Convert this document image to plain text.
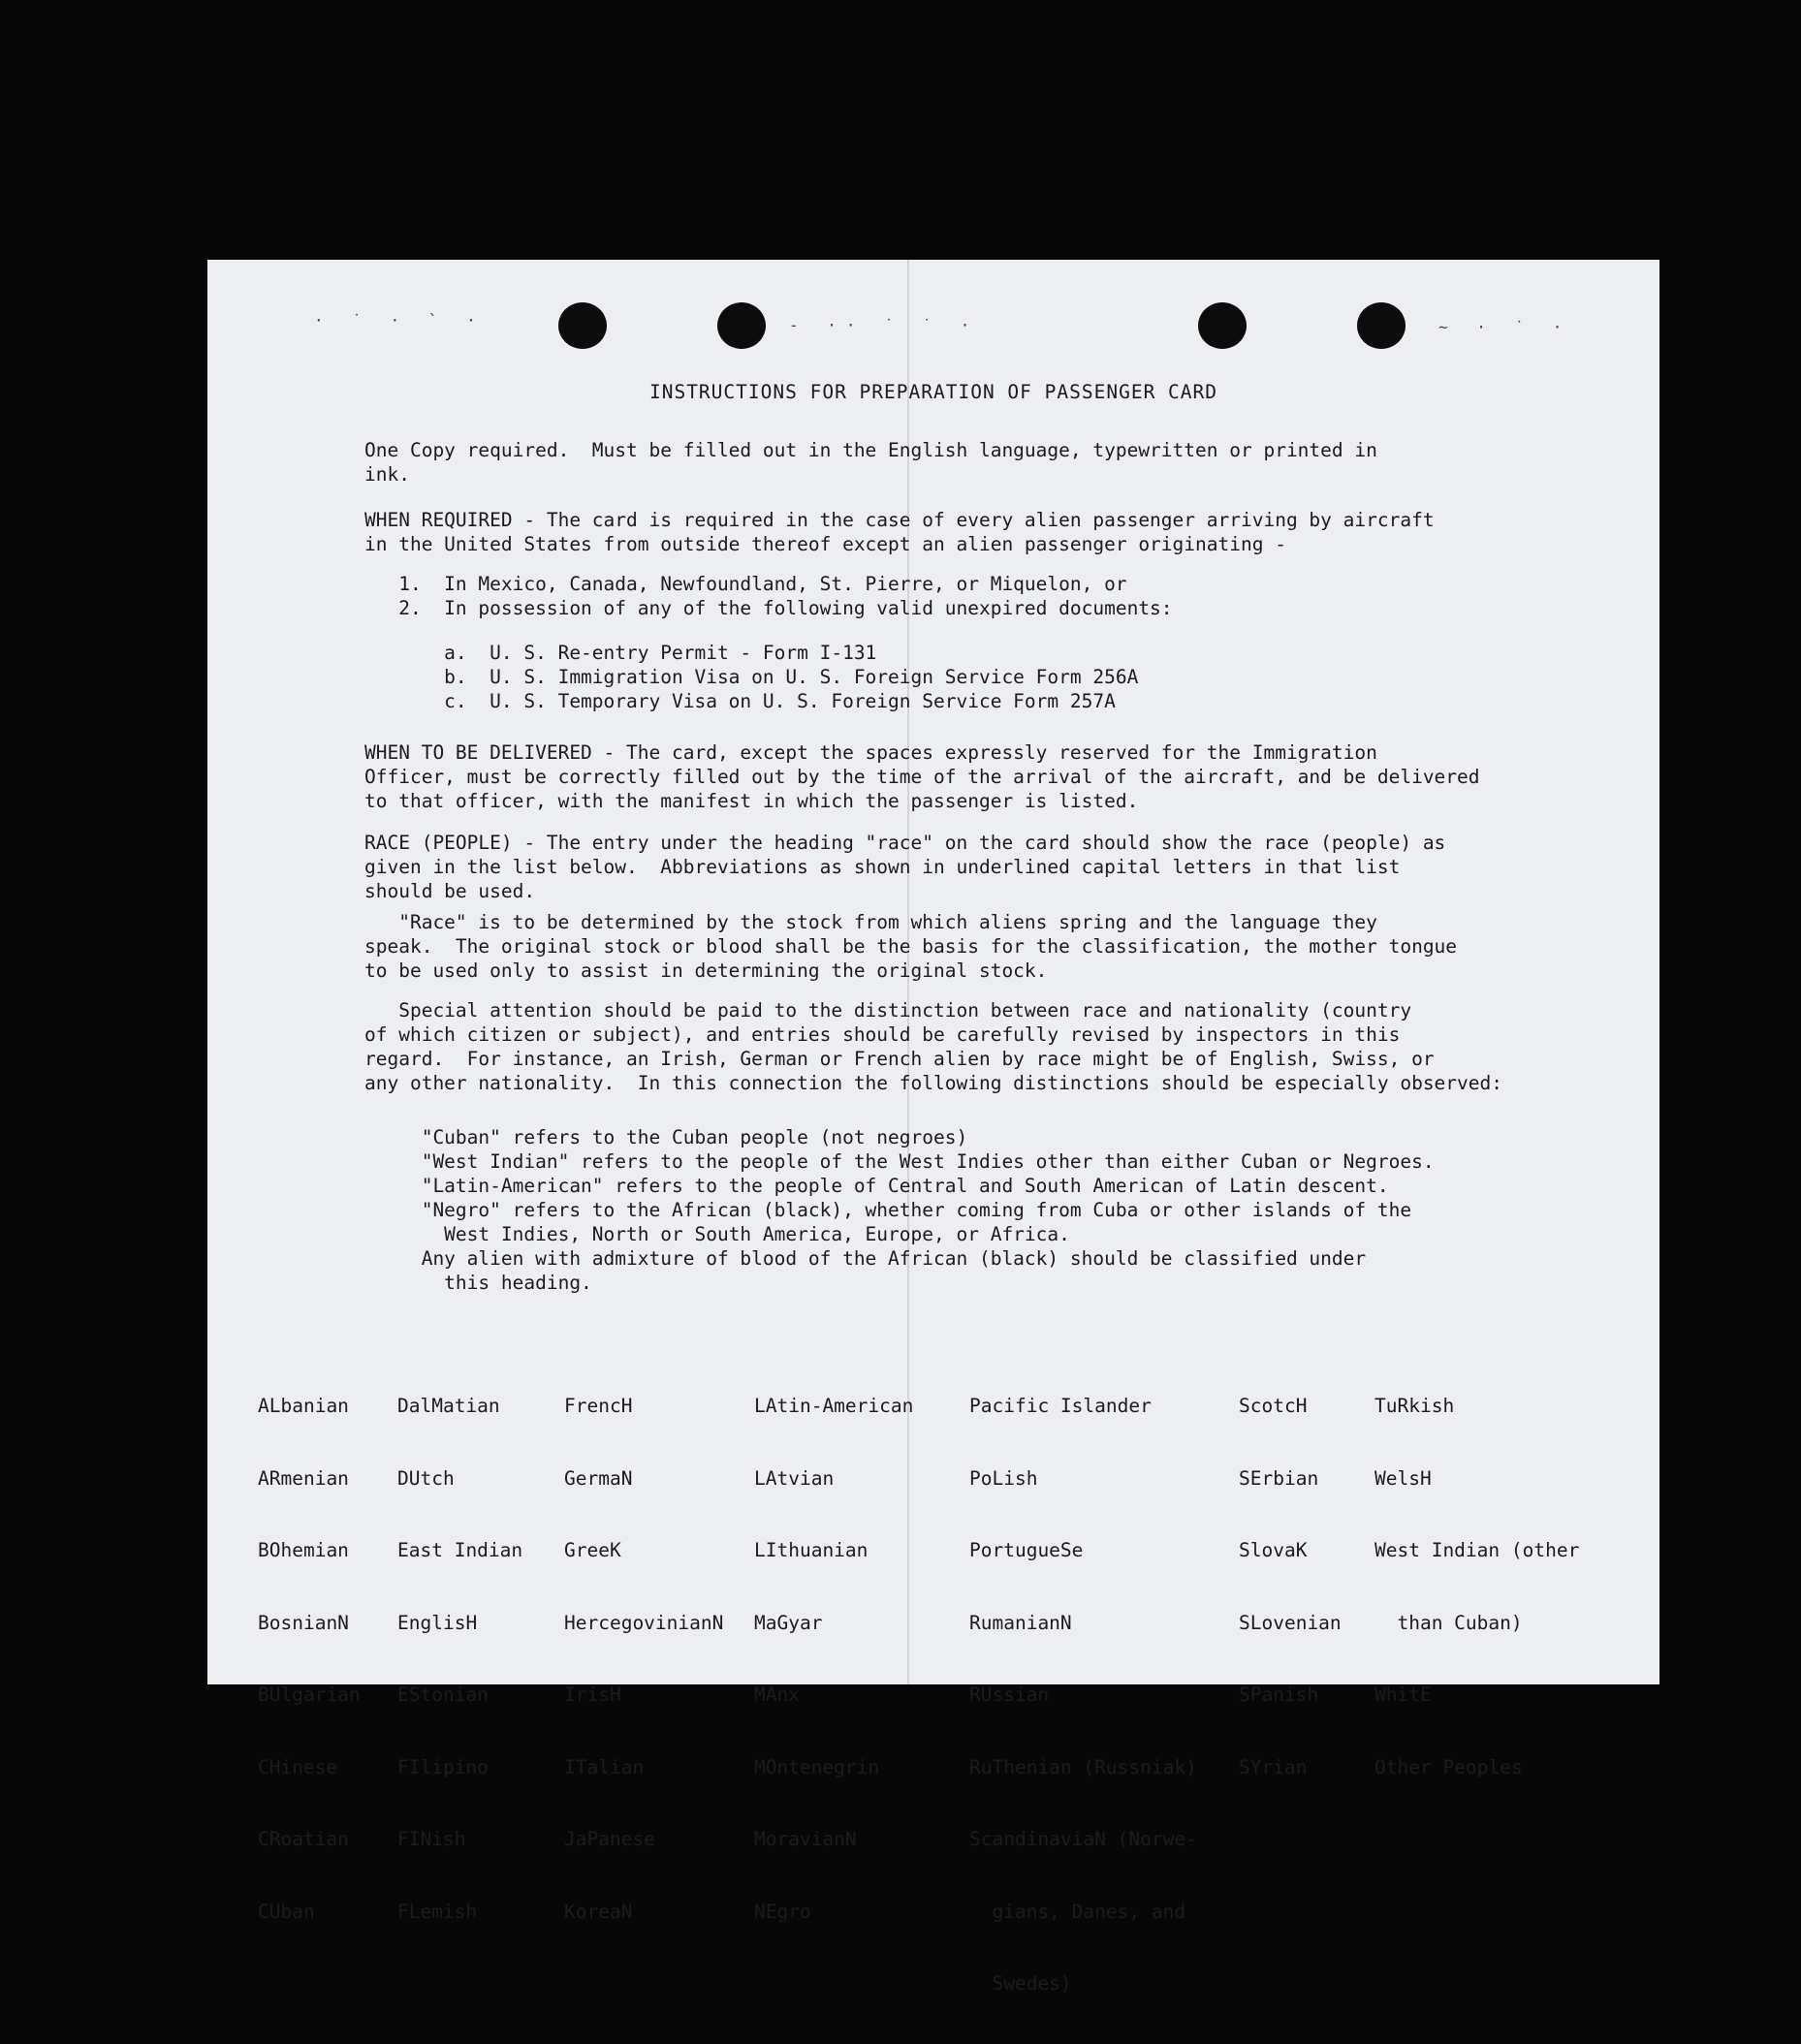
· ˙ · ` ·	- ·· ˙ ˙ ·	~ · ˙ ·
INSTRUCTIONS FOR PREPARATION OF PASSENGER CARD
One Copy required.  Must be filled out in the English language, typewritten or printed in
ink.
WHEN REQUIRED - The card is required in the case of every alien passenger arriving by aircraft
in the United States from outside thereof except an alien passenger originating -
1.  In Mexico, Canada, Newfoundland, St. Pierre, or Miquelon, or
2.  In possession of any of the following valid unexpired documents:
a.  U. S. Re-entry Permit - Form I-131
b.  U. S. Immigration Visa on U. S. Foreign Service Form 256A
c.  U. S. Temporary Visa on U. S. Foreign Service Form 257A
WHEN TO BE DELIVERED - The card, except the spaces expressly reserved for the Immigration
Officer, must be correctly filled out by the time of the arrival of the aircraft, and be delivered
to that officer, with the manifest in which the passenger is listed.
RACE (PEOPLE) - The entry under the heading "race" on the card should show the race (people) as
given in the list below.  Abbreviations as shown in underlined capital letters in that list
should be used.
"Race" is to be determined by the stock from which aliens spring and the language they
speak.  The original stock or blood shall be the basis for the classification, the mother tongue
to be used only to assist in determining the original stock.
Special attention should be paid to the distinction between race and nationality (country
of which citizen or subject), and entries should be carefully revised by inspectors in this
regard.  For instance, an Irish, German or French alien by race might be of English, Swiss, or
any other nationality.  In this connection the following distinctions should be especially observed:
"Cuban" refers to the Cuban people (not negroes)
"West Indian" refers to the people of the West Indies other than either Cuban or Negroes.
"Latin-American" refers to the people of Central and South American of Latin descent.
"Negro" refers to the African (black), whether coming from Cuba or other islands of the
West Indies, North or South America, Europe, or Africa.
Any alien with admixture of blood of the African (black) should be classified under
this heading.

ALbanian

ARmenian

BOhemian

BosnianN

BUlgarian

CHinese

CRoatian

CUban

DalMatian

DUtch

East Indian

EnglisH

EStonian

FIlipino

FINish

FLemish

FrencH

GermaN

GreeK

HercegovinianN

IrisH

ITalian

JaPanese

KoreaN

LAtin-American

LAtvian

LIthuanian

MaGyar

MAnx

MOntenegrin

MoravianN

NEgro

Pacific Islander

PoLish

PortugueSe

RumanianN

RUssian

RuThenian (Russniak)

ScandinaviaN (Norwe-

gians, Danes, and

Swedes)

ScotcH

SErbian

SlovaK

SLovenian

SPanish

SYrian

TuRkish

WelsH

West Indian (other

than Cuban)

WhitE

Other Peoples
